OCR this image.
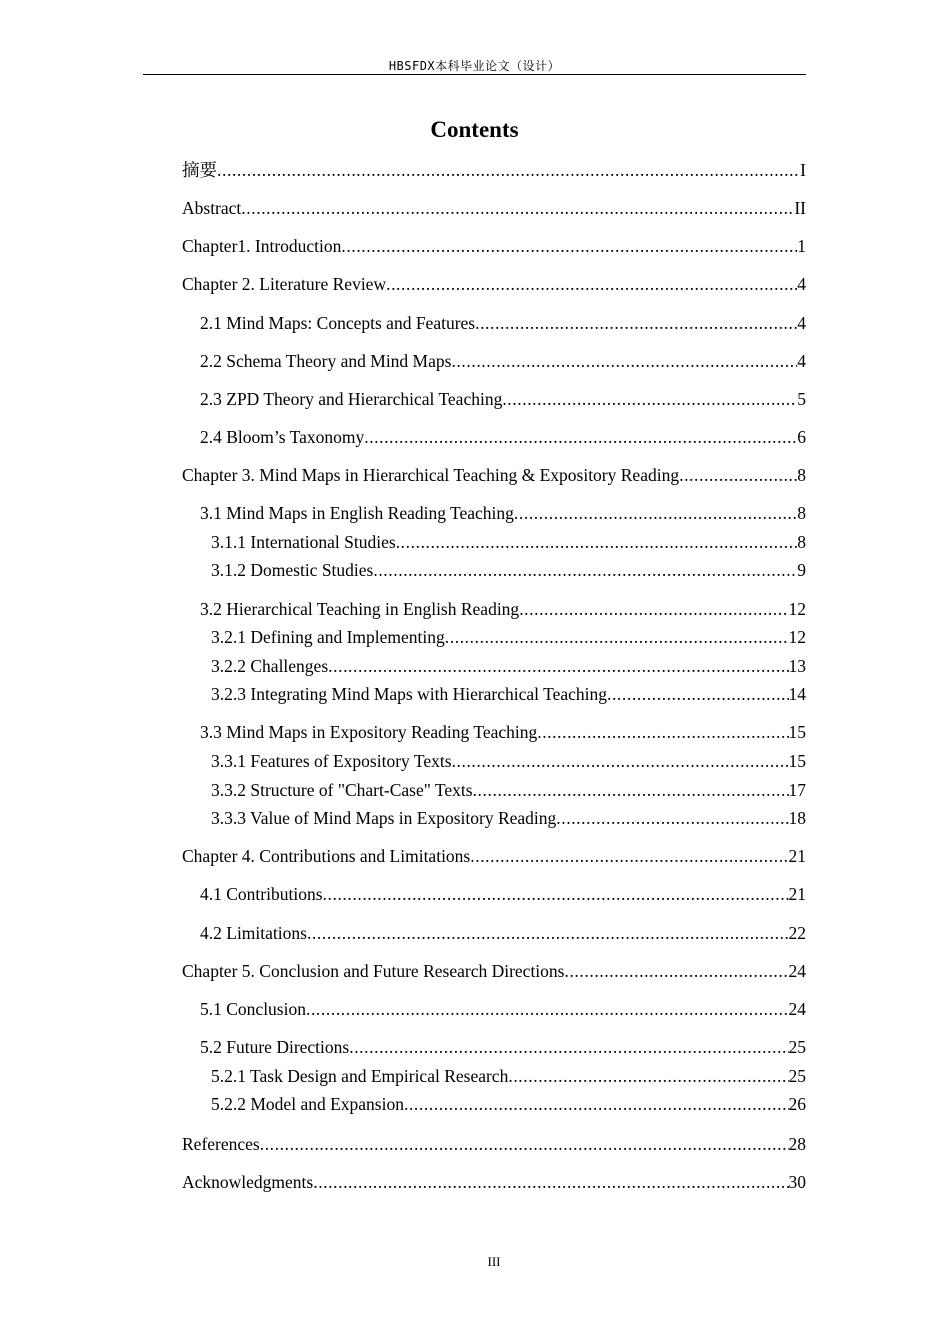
HBSFDX本科毕业论文（设计）
Contents
摘要 .....	I
Abstract .....	II
Chapter1. Introduction .....	1
Chapter 2. Literature Review .....	4
2.1 Mind Maps: Concepts and Features .....	4
2.2 Schema Theory and Mind Maps .....	4
2.3 ZPD Theory and Hierarchical Teaching .....	5
2.4 Bloom’s Taxonomy .....	6
Chapter 3. Mind Maps in Hierarchical Teaching & Expository Reading .....	8
3.1 Mind Maps in English Reading Teaching .....	8
3.1.1 International Studies .....	8
3.1.2 Domestic Studies .....	9
3.2 Hierarchical Teaching in English Reading .....	12
3.2.1 Defining and Implementing .....	12
3.2.2 Challenges .....	13
3.2.3 Integrating Mind Maps with Hierarchical Teaching .....	14
3.3 Mind Maps in Expository Reading Teaching .....	15
3.3.1 Features of Expository Texts .....	15
3.3.2 Structure of "Chart-Case" Texts .....	17
3.3.3 Value of Mind Maps in Expository Reading .....	18
Chapter 4. Contributions and Limitations .....	21
4.1 Contributions .....	21
4.2 Limitations .....	22
Chapter 5. Conclusion and Future Research Directions .....	24
5.1 Conclusion .....	24
5.2 Future Directions .....	25
5.2.1 Task Design and Empirical Research .....	25
5.2.2 Model and Expansion .....	26
References .....	28
Acknowledgments .....	30
III
